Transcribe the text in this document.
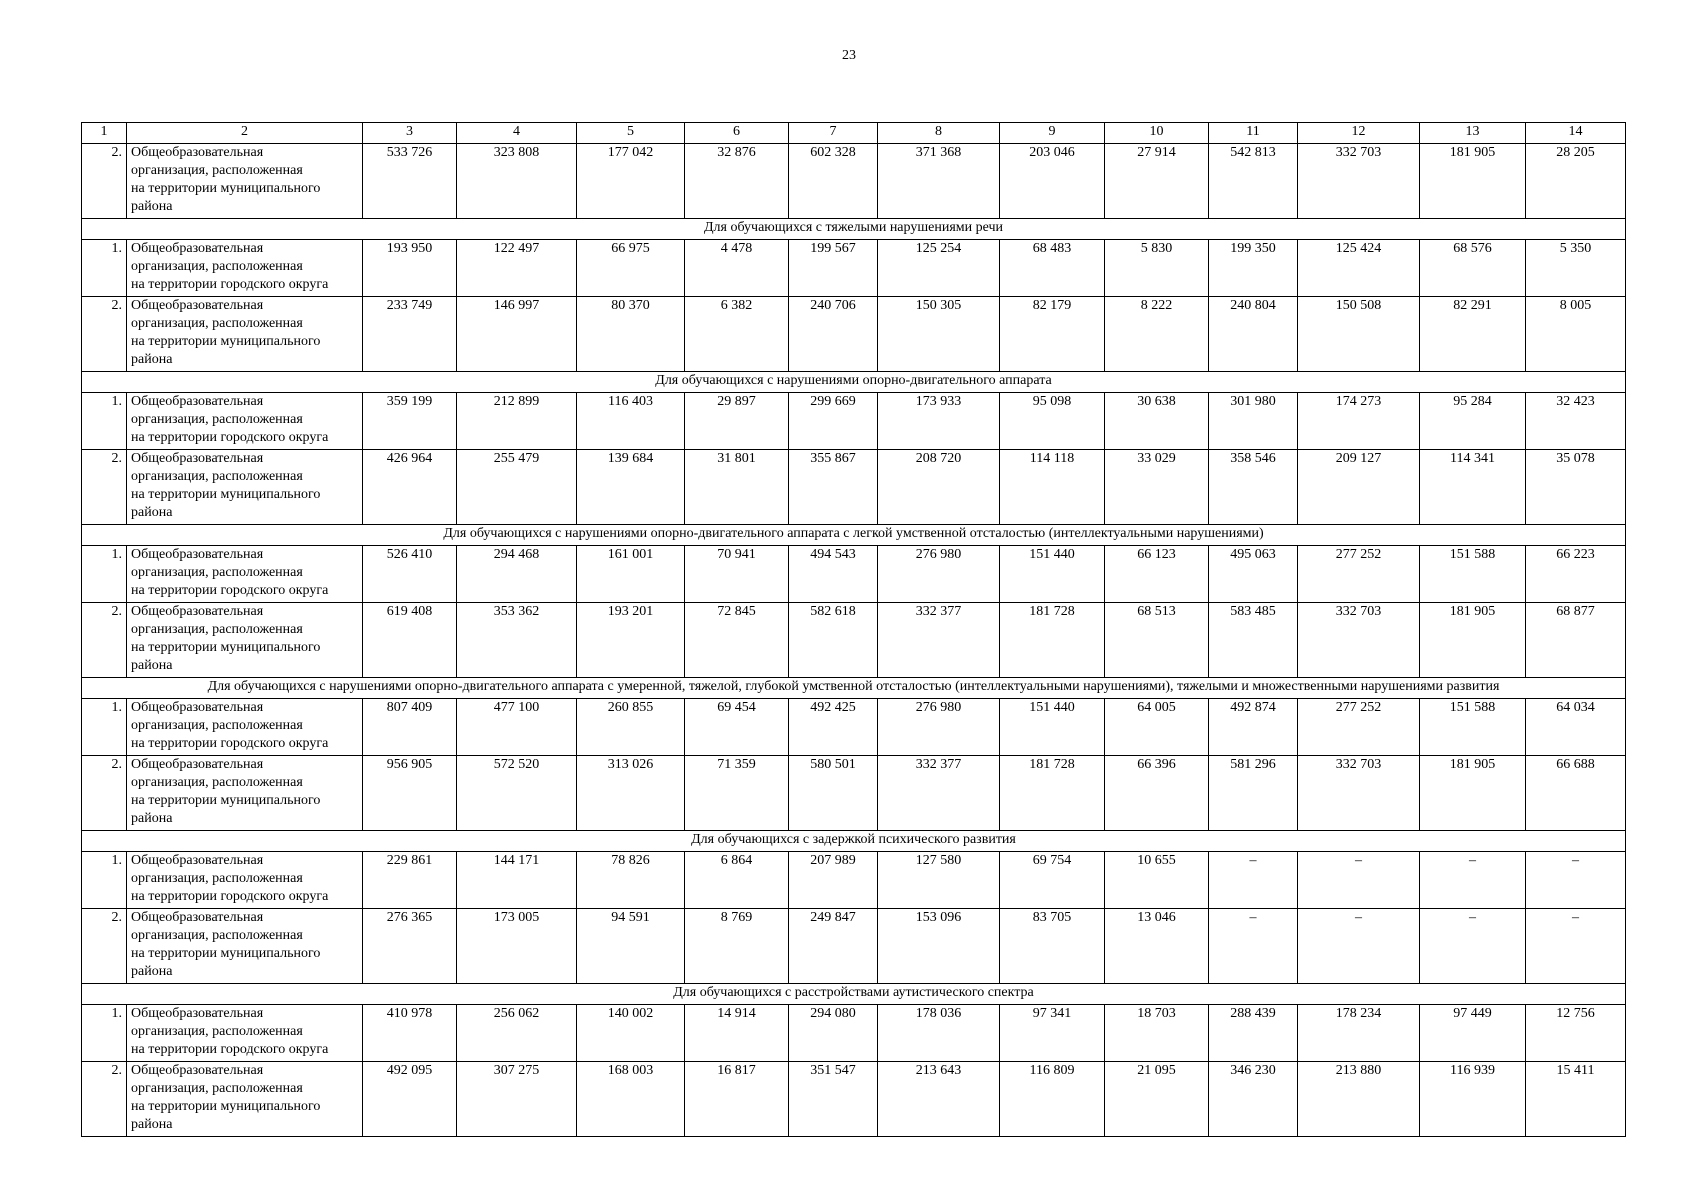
23
1	2	3	4	5	6	7	8	9	10	11	12	13	14
2.	Общеобразовательная
организация, расположенная
на территории муниципального
района	533 726	323 808	177 042	32 876	602 328	371 368	203 046	27 914	542 813	332 703	181 905	28 205
Для обучающихся с тяжелыми нарушениями речи													
1.	Общеобразовательная
организация, расположенная
на территории городского округа	193 950	122 497	66 975	4 478	199 567	125 254	68 483	5 830	199 350	125 424	68 576	5 350
2.	Общеобразовательная
организация, расположенная
на территории муниципального
района	233 749	146 997	80 370	6 382	240 706	150 305	82 179	8 222	240 804	150 508	82 291	8 005
Для обучающихся с нарушениями опорно-двигательного аппарата													
1.	Общеобразовательная
организация, расположенная
на территории городского округа	359 199	212 899	116 403	29 897	299 669	173 933	95 098	30 638	301 980	174 273	95 284	32 423
2.	Общеобразовательная
организация, расположенная
на территории муниципального
района	426 964	255 479	139 684	31 801	355 867	208 720	114 118	33 029	358 546	209 127	114 341	35 078
Для обучающихся с нарушениями опорно-двигательного аппарата с легкой умственной отсталостью (интеллектуальными нарушениями)													
1.	Общеобразовательная
организация, расположенная
на территории городского округа	526 410	294 468	161 001	70 941	494 543	276 980	151 440	66 123	495 063	277 252	151 588	66 223
2.	Общеобразовательная
организация, расположенная
на территории муниципального
района	619 408	353 362	193 201	72 845	582 618	332 377	181 728	68 513	583 485	332 703	181 905	68 877
Для обучающихся с нарушениями опорно-двигательного аппарата с умеренной, тяжелой, глубокой умственной отсталостью (интеллектуальными нарушениями), тяжелыми и множественными нарушениями развития													
1.	Общеобразовательная
организация, расположенная
на территории городского округа	807 409	477 100	260 855	69 454	492 425	276 980	151 440	64 005	492 874	277 252	151 588	64 034
2.	Общеобразовательная
организация, расположенная
на территории муниципального
района	956 905	572 520	313 026	71 359	580 501	332 377	181 728	66 396	581 296	332 703	181 905	66 688
Для обучающихся с задержкой психического развития													
1.	Общеобразовательная
организация, расположенная
на территории городского округа	229 861	144 171	78 826	6 864	207 989	127 580	69 754	10 655	–	–	–	–
2.	Общеобразовательная
организация, расположенная
на территории муниципального
района	276 365	173 005	94 591	8 769	249 847	153 096	83 705	13 046	–	–	–	–
Для обучающихся с расстройствами аутистического спектра													
1.	Общеобразовательная
организация, расположенная
на территории городского округа	410 978	256 062	140 002	14 914	294 080	178 036	97 341	18 703	288 439	178 234	97 449	12 756
2.	Общеобразовательная
организация, расположенная
на территории муниципального
района	492 095	307 275	168 003	16 817	351 547	213 643	116 809	21 095	346 230	213 880	116 939	15 411
